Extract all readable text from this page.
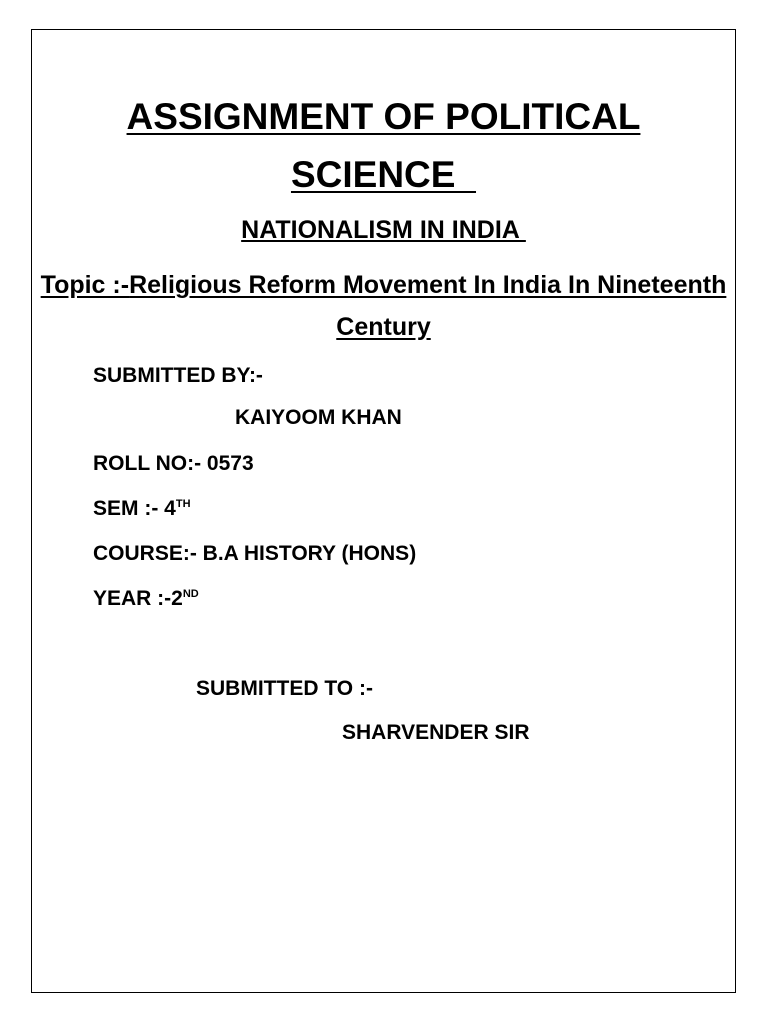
ASSIGNMENT OF POLITICAL
SCIENCE

NATIONALISM IN INDIA

Topic :-Religious Reform Movement In India In Nineteenth Century

SUBMITTED BY:-

KAIYOOM KHAN

ROLL NO:- 0573

SEM :- 4TH

COURSE:- B.A HISTORY (HONS)

YEAR :-2ND

SUBMITTED TO :-

SHARVENDER SIR
